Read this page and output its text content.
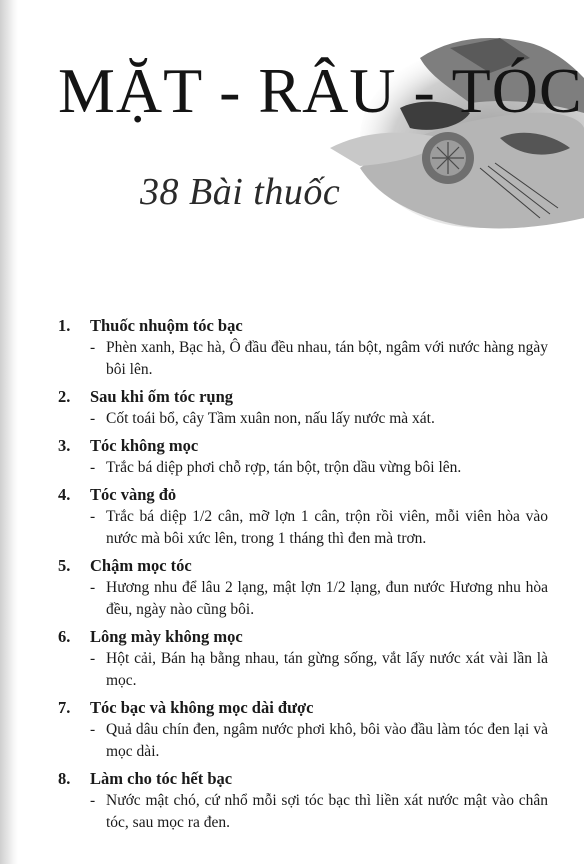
MẶT - RÂU - TÓC
38 Bài thuốc
1.	Thuốc nhuộm tóc bạc
- Phèn xanh, Bạc hà, Ô đầu đều nhau, tán bột, ngâm với nước hàng ngày bôi lên.
2.	Sau khi ốm tóc rụng
- Cốt toái bổ, cây Tầm xuân non, nấu lấy nước mà xát.
3.	Tóc không mọc
- Trắc bá diệp phơi chỗ rợp, tán bột, trộn dầu vừng bôi lên.
4.	Tóc vàng đỏ
- Trắc bá diệp 1/2 cân, mỡ lợn 1 cân, trộn rồi viên, mỗi viên hòa vào nước mà bôi xức lên, trong 1 tháng thì đen mà trơn.
5.	Chậm mọc tóc
- Hương nhu để lâu 2 lạng, mật lợn 1/2 lạng, đun nước Hương nhu hòa đều, ngày nào cũng bôi.
6.	Lông mày không mọc
- Hột cải, Bán hạ bằng nhau, tán gừng sống, vắt lấy nước xát vài lần là mọc.
7.	Tóc bạc và không mọc dài được
- Quả dâu chín đen, ngâm nước phơi khô, bôi vào đầu làm tóc đen lại và mọc dài.
8.	Làm cho tóc hết bạc
- Nước mật chó, cứ nhổ mỗi sợi tóc bạc thì liền xát nước mật vào chân tóc, sau mọc ra đen.
